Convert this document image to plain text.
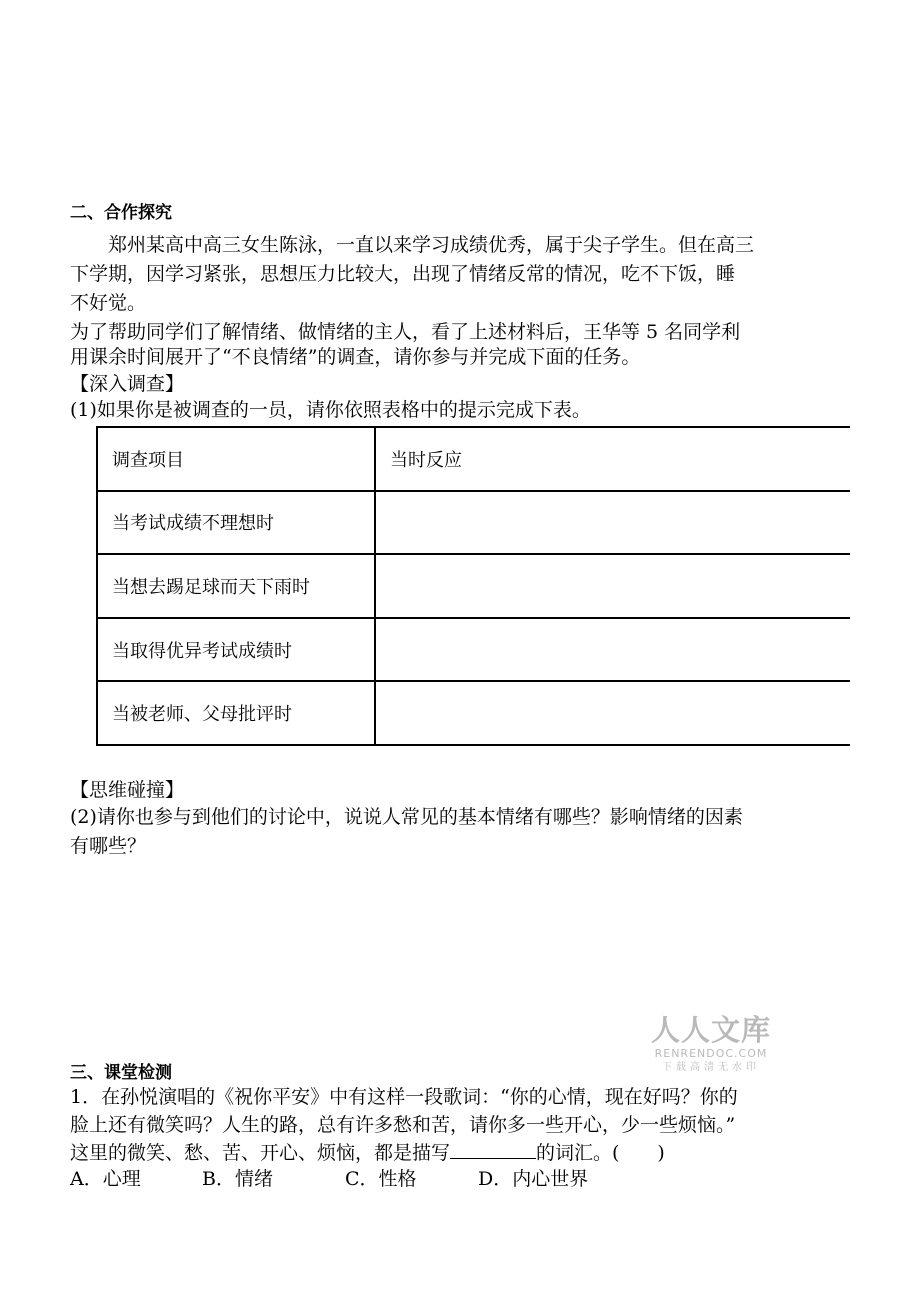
二、合作探究
郑州某高中高三女生陈泳，一直以来学习成绩优秀，属于尖子学生。但在高三
下学期，因学习紧张，思想压力比较大，出现了情绪反常的情况，吃不下饭，睡
不好觉。
为了帮助同学们了解情绪、做情绪的主人，看了上述材料后，王华等 5 名同学利
用课余时间展开了“不良情绪”的调查，请你参与并完成下面的任务。
【深入调查】
(1)如果你是被调查的一员，请你依照表格中的提示完成下表。
调查项目	当时反应
当考试成绩不理想时	
当想去踢足球而天下雨时	
当取得优异考试成绩时	
当被老师、父母批评时	
【思维碰撞】
(2)请你也参与到他们的讨论中，说说人常见的基本情绪有哪些？影响情绪的因素
有哪些？
人人文库
RENRENDOC.COM
下载高清无水印
三、课堂检测
1．在孙悦演唱的《祝你平安》中有这样一段歌词：“你的心情，现在好吗？你的
脸上还有微笑吗？人生的路，总有许多愁和苦，请你多一些开心，少一些烦恼。”
这里的微笑、愁、苦、开心、烦恼，都是描写	的词汇。(　　)
A．心理	B．情绪	C．性格	D．内心世界
